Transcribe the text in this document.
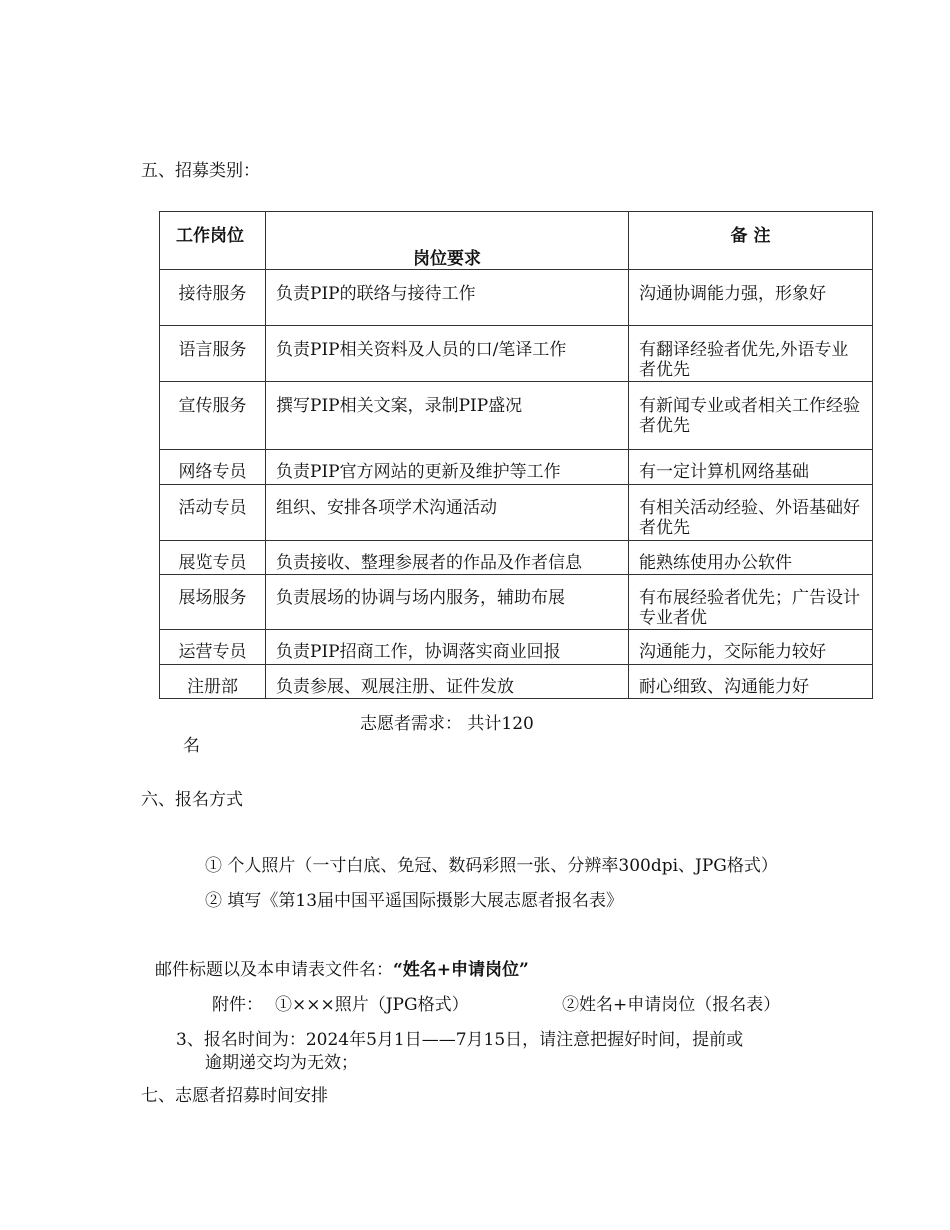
五、招募类别：
工作岗位	岗位要求	备 注
接待服务	负责PIP的联络与接待工作	沟通协调能力强，形象好
语言服务	负责PIP相关资料及人员的口/笔译工作	有翻译经验者优先,外语专业者优先
宣传服务	撰写PIP相关文案，录制PIP盛况	有新闻专业或者相关工作经验者优先
网络专员	负责PIP官方网站的更新及维护等工作	有一定计算机网络基础
活动专员	组织、安排各项学术沟通活动	有相关活动经验、外语基础好者优先
展览专员	负责接收、整理参展者的作品及作者信息	能熟练使用办公软件
展场服务	负责展场的协调与场内服务，辅助布展	有布展经验者优先；广告设计专业者优
运营专员	负责PIP招商工作，协调落实商业回报	沟通能力，交际能力较好
注册部	负责参展、观展注册、证件发放	耐心细致、沟通能力好
志愿者需求： 共计120
名
六、报名方式
① 个人照片（一寸白底、免冠、数码彩照一张、分辨率300dpi、JPG格式）
② 填写《第13届中国平遥国际摄影大展志愿者报名表》
邮件标题以及本申请表文件名：“姓名+申请岗位”
附件： ①×××照片（JPG格式）	②姓名+申请岗位（报名表）
3、报名时间为：2024年5月1日——7月15日，请注意把握好时间，提前或
逾期递交均为无效；
七、志愿者招募时间安排
